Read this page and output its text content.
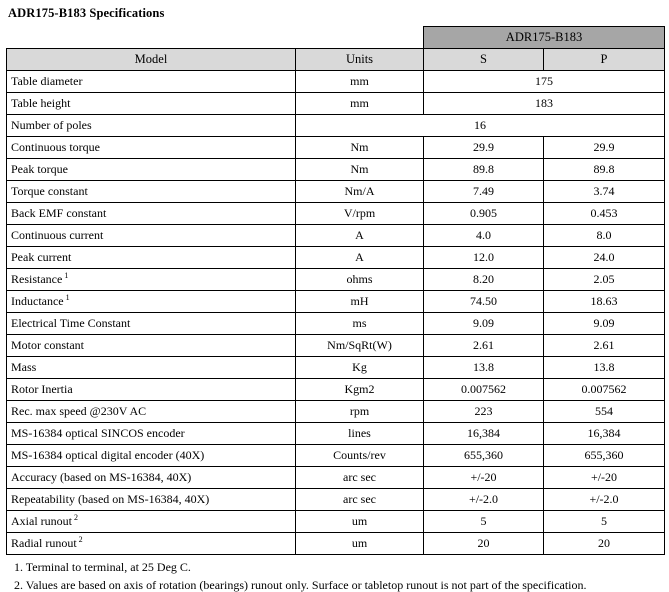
ADR175-B183 Specifications
		ADR175-B183	
Model	Units	S	P
Table diameter	mm	175	
Table height	mm	183	
Number of poles	16		
Continuous torque	Nm	29.9	29.9
Peak torque	Nm	89.8	89.8
Torque constant	Nm/A	7.49	3.74
Back EMF constant	V/rpm	0.905	0.453
Continuous current	A	4.0	8.0
Peak current	A	12.0	24.0
Resistance $^1$	ohms	8.20	2.05
Inductance $^1$	mH	74.50	18.63
Electrical Time Constant	ms	9.09	9.09
Motor constant	Nm/SqRt(W)	2.61	2.61
Mass	Kg	13.8	13.8
Rotor Inertia	Kgm2	0.007562	0.007562
Rec. max speed @230V AC	rpm	223	554
MS-16384 optical SINCOS encoder	lines	16,384	16,384
MS-16384 optical digital encoder (40X)	Counts/rev	655,360	655,360
Accuracy (based on MS-16384, 40X)	arc sec	+/-20	+/-20
Repeatability (based on MS-16384, 40X)	arc sec	+/-2.0	+/-2.0
Axial runout $^2$	um	5	5
Radial runout $^2$	um	20	20
1. Terminal to terminal, at 25 Deg C.
2. Values are based on axis of rotation (bearings) runout only. Surface or tabletop runout is not part of the specification.
